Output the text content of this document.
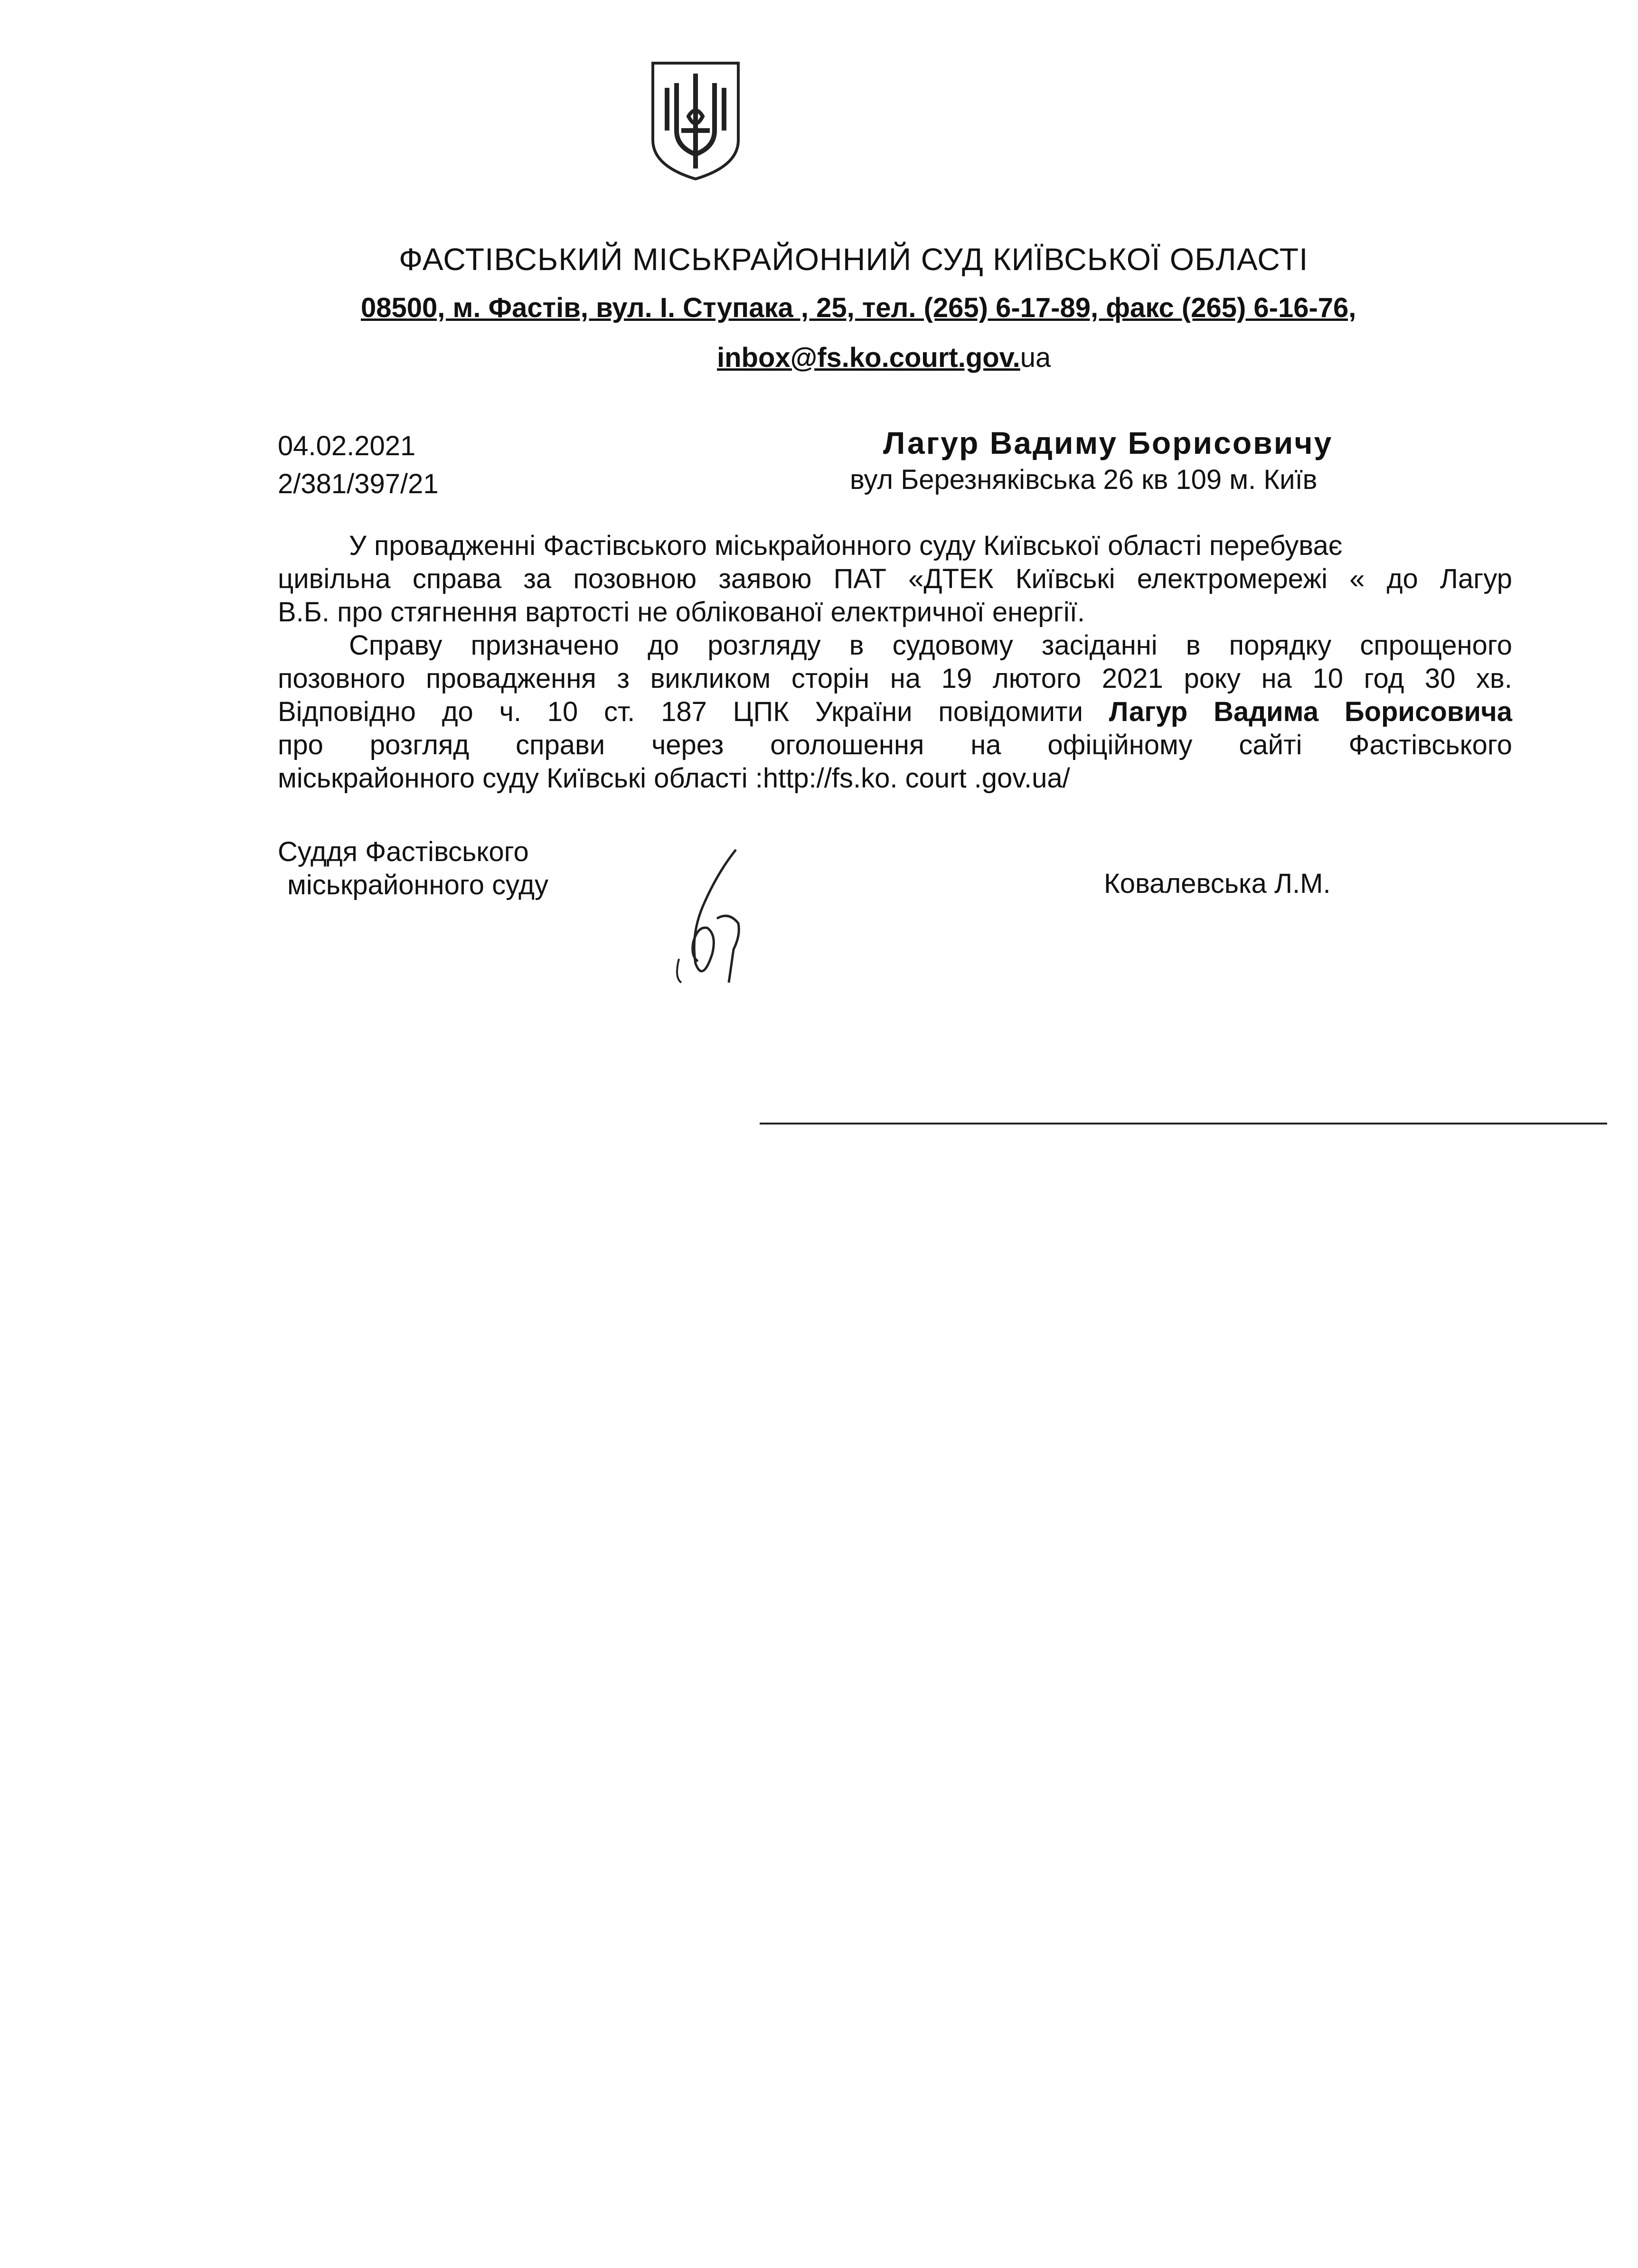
ФАСТІВСЬКИЙ МІСЬКРАЙОННИЙ СУД КИЇВСЬКОЇ ОБЛАСТІ
08500, м. Фастів, вул. І. Ступака , 25, тел. (265) 6-17-89, факс (265) 6-16-76,
inbox@fs.ko.court.gov.ua
04.02.2021
2/381/397/21
Лагур Вадиму Борисовичу
вул Березняківська 26 кв 109 м. Київ
У провадженні Фастівського міськрайонного суду Київської області перебуває
цивільна справа за позовною заявою ПАТ «ДТЕК Київські електромережі « до Лагур
В.Б. про стягнення вартості не облікованої електричної енергії.
Справу призначено до розгляду в судовому засіданні в порядку спрощеного
позовного провадження з викликом сторін на 19 лютого 2021 року на 10 год 30 хв.
Відповідно до ч. 10 ст. 187 ЦПК України повідомити Лагур Вадима Борисовича
про розгляд справи через оголошення на офіційному сайті Фастівського
міськрайонного суду Київські області :http://fs.ko. court .gov.ua/
Суддя Фастівського
міськрайонного суду	Ковалевська Л.М.
